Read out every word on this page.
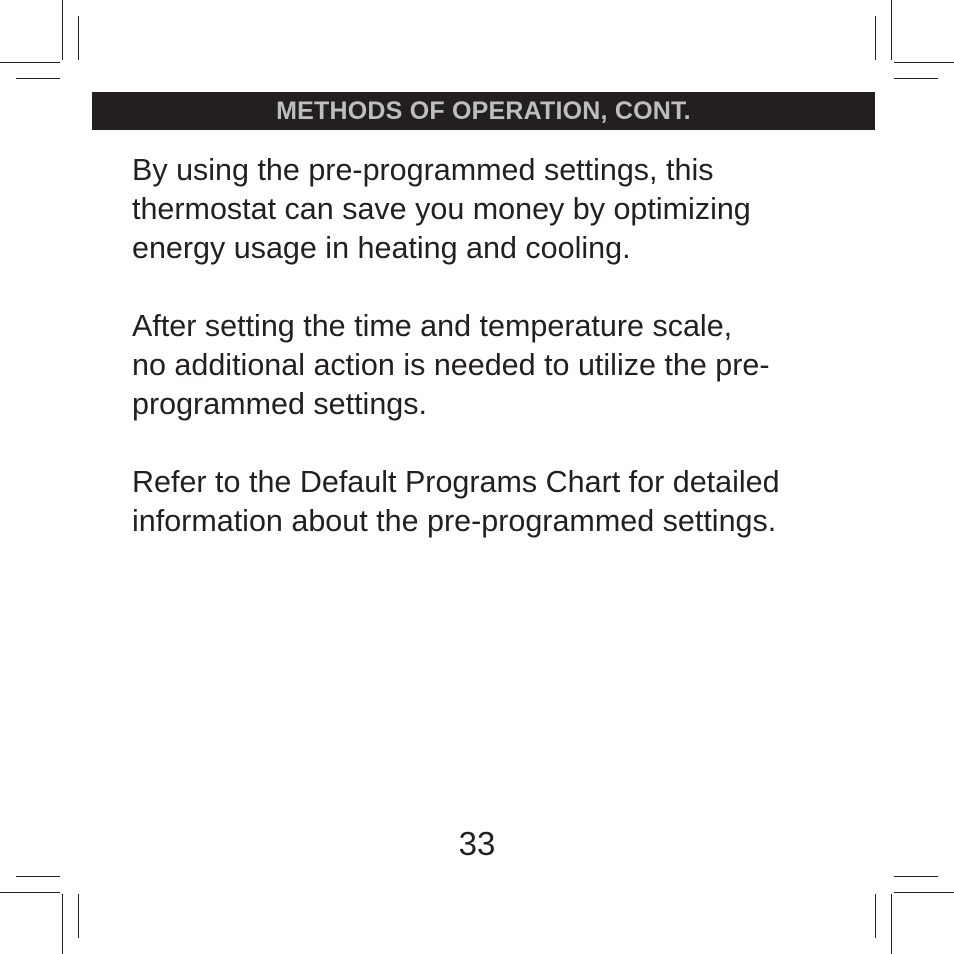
METHODS OF OPERATION, CONT.

By using the pre-programmed settings, this
thermostat can save you money by optimizing
energy usage in heating and cooling.

After setting the time and temperature scale,
no additional action is needed to utilize the pre-
programmed settings.

Refer to the Default Programs Chart for detailed
information about the pre-programmed settings.

33
